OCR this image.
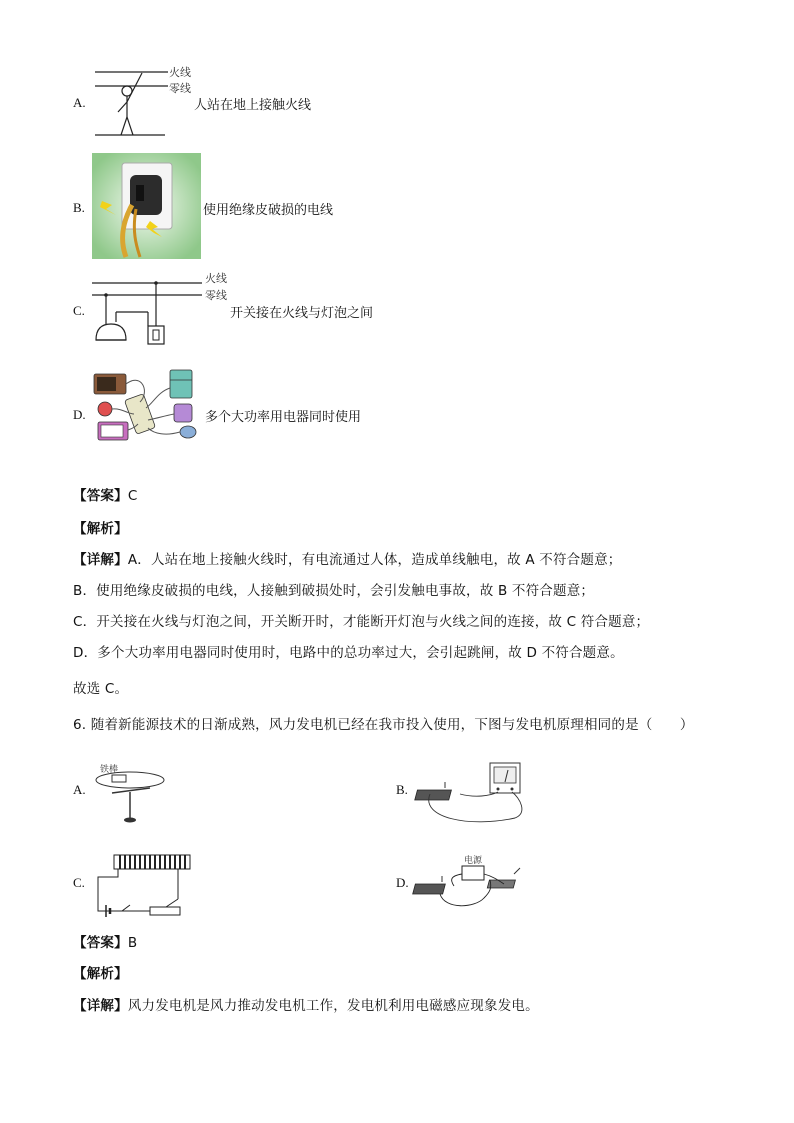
A.
火线
零线
人站在地上接触火线
B.	使用绝缘皮破损的电线
C.
火线
零线
开关接在火线与灯泡之间
D.	多个大功率用电器同时使用
【答案】C
【解析】
【详解】A．人站在地上接触火线时，有电流通过人体，造成单线触电，故 A 不符合题意；
B．使用绝缘皮破损的电线，人接触到破损处时，会引发触电事故，故 B 不符合题意；
C．开关接在火线与灯泡之间，开关断开时，才能断开灯泡与火线之间的连接，故 C 符合题意；
D．多个大功率用电器同时使用时，电路中的总功率过大，会引起跳闸，故 D 不符合题意。
故选 C。
6. 随着新能源技术的日渐成熟，风力发电机已经在我市投入使用，下图与发电机原理相同的是（　　）
A.
铁棒
B.
C.	D.
电源
【答案】B
【解析】
【详解】风力发电机是风力推动发电机工作，发电机利用电磁感应现象发电。
